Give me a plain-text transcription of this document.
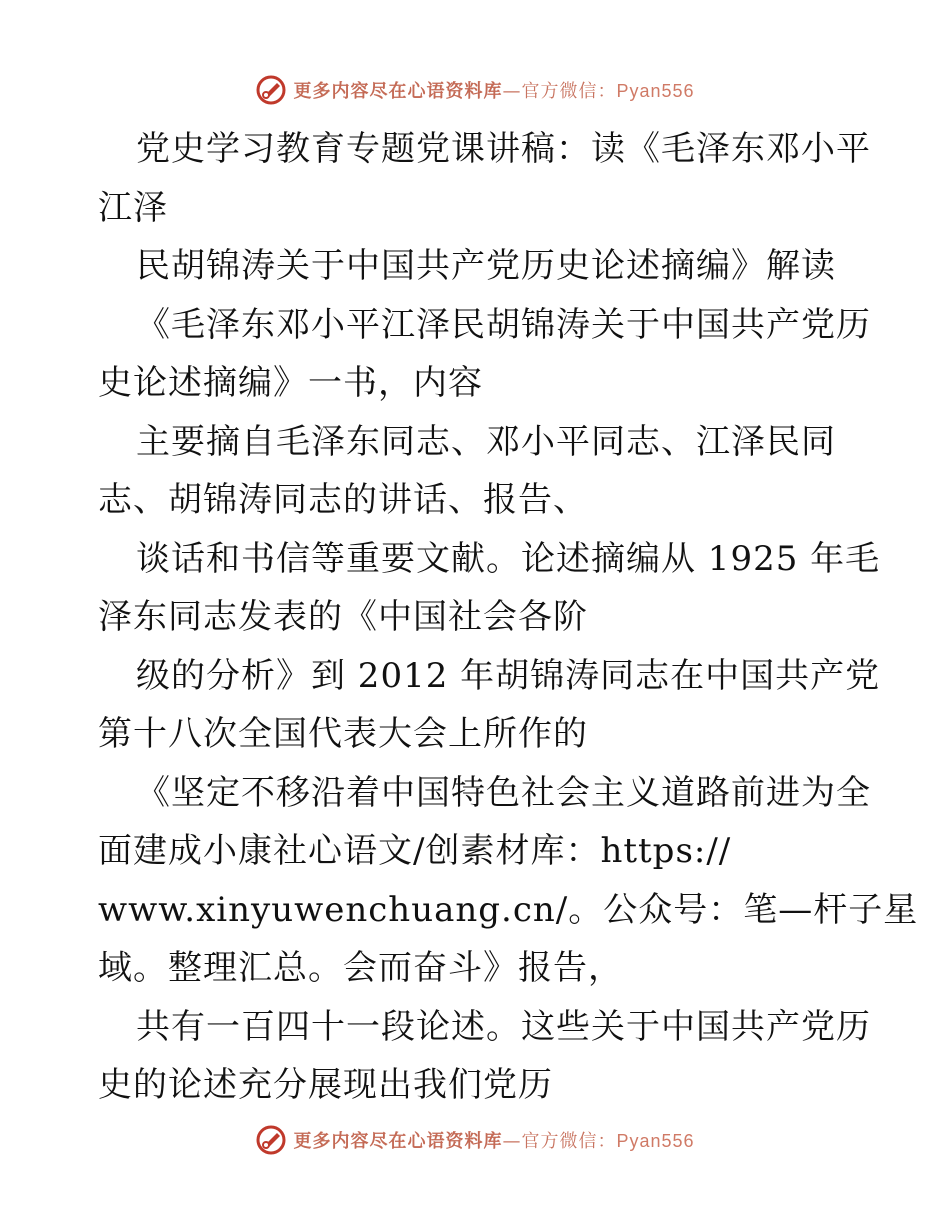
更多内容尽在心语资料库—官方微信：Pyan556
党史学习教育专题党课讲稿：读《毛泽东邓小平
江泽
民胡锦涛关于中国共产党历史论述摘编》解读
《毛泽东邓小平江泽民胡锦涛关于中国共产党历
史论述摘编》一书，内容
主要摘自毛泽东同志、邓小平同志、江泽民同
志、胡锦涛同志的讲话、报告、
谈话和书信等重要文献。论述摘编从 1925 年毛
泽东同志发表的《中国社会各阶
级的分析》到 2012 年胡锦涛同志在中国共产党
第十八次全国代表大会上所作的
《坚定不移沿着中国特色社会主义道路前进为全
面建成小康社心语文/创素材库：https://
www.xinyuwenchuang.cn/。公众号：笔—杆子星
域。整理汇总。会而奋斗》报告，
共有一百四十一段论述。这些关于中国共产党历
史的论述充分展现出我们党历
更多内容尽在心语资料库—官方微信：Pyan556
